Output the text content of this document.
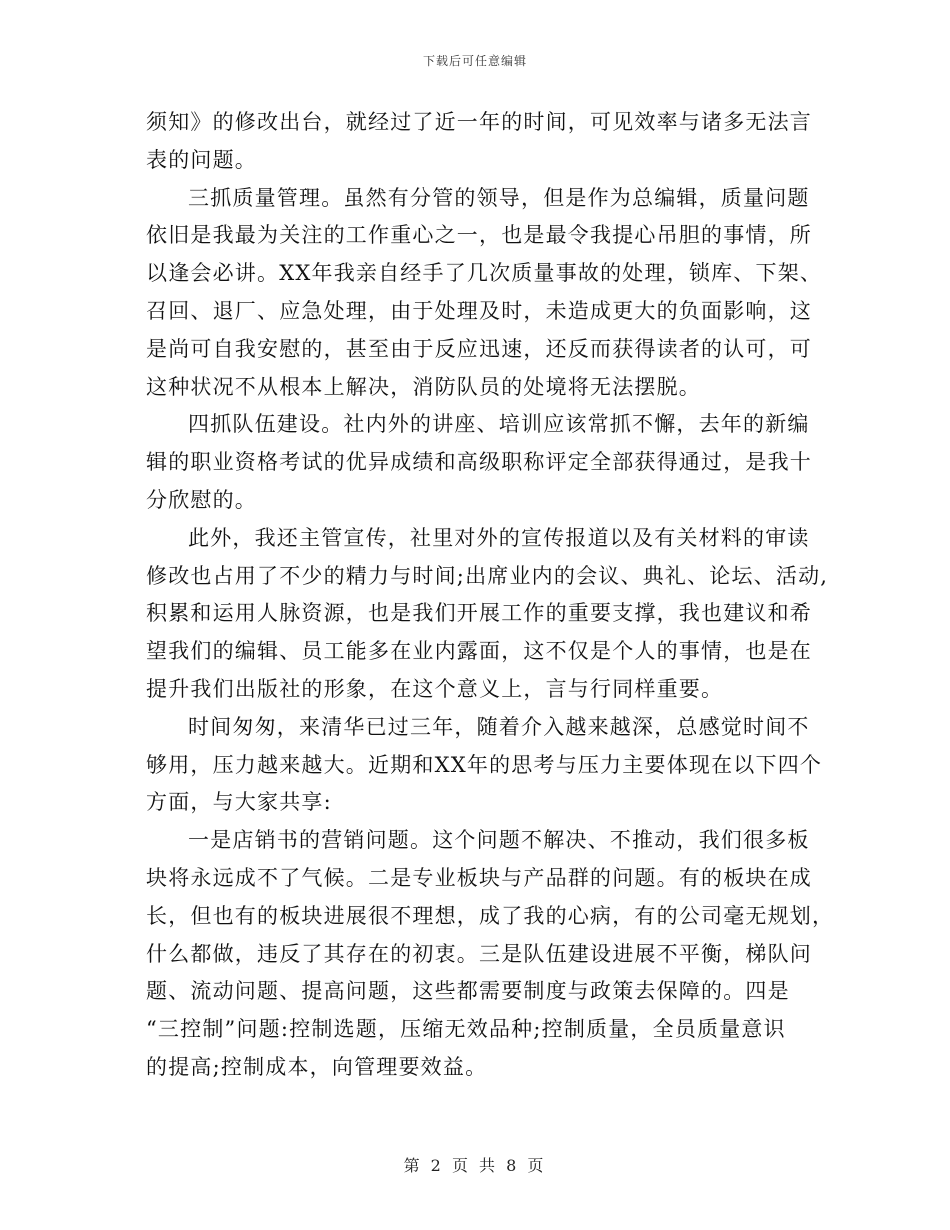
下载后可任意编辑
须知》的修改出台，就经过了近一年的时间，可见效率与诸多无法言
表的问题。
三抓质量管理。虽然有分管的领导，但是作为总编辑，质量问题
依旧是我最为关注的工作重心之一，也是最令我提心吊胆的事情，所
以逢会必讲。XX年我亲自经手了几次质量事故的处理，锁库、下架、
召回、退厂、应急处理，由于处理及时，未造成更大的负面影响，这
是尚可自我安慰的，甚至由于反应迅速，还反而获得读者的认可，可
这种状况不从根本上解决，消防队员的处境将无法摆脱。
四抓队伍建设。社内外的讲座、培训应该常抓不懈，去年的新编
辑的职业资格考试的优异成绩和高级职称评定全部获得通过，是我十
分欣慰的。
此外，我还主管宣传，社里对外的宣传报道以及有关材料的审读
修改也占用了不少的精力与时间;出席业内的会议、典礼、论坛、活动,
积累和运用人脉资源，也是我们开展工作的重要支撑，我也建议和希
望我们的编辑、员工能多在业内露面，这不仅是个人的事情，也是在
提升我们出版社的形象，在这个意义上，言与行同样重要。
时间匆匆，来清华已过三年，随着介入越来越深，总感觉时间不
够用，压力越来越大。近期和XX年的思考与压力主要体现在以下四个
方面，与大家共享:
一是店销书的营销问题。这个问题不解决、不推动，我们很多板
块将永远成不了气候。二是专业板块与产品群的问题。有的板块在成
长，但也有的板块进展很不理想，成了我的心病，有的公司毫无规划，
什么都做，违反了其存在的初衷。三是队伍建设进展不平衡，梯队问
题、流动问题、提高问题，这些都需要制度与政策去保障的。四是
“三控制”问题:控制选题，压缩无效品种;控制质量，全员质量意识
的提高;控制成本，向管理要效益。
第 2 页 共 8 页
